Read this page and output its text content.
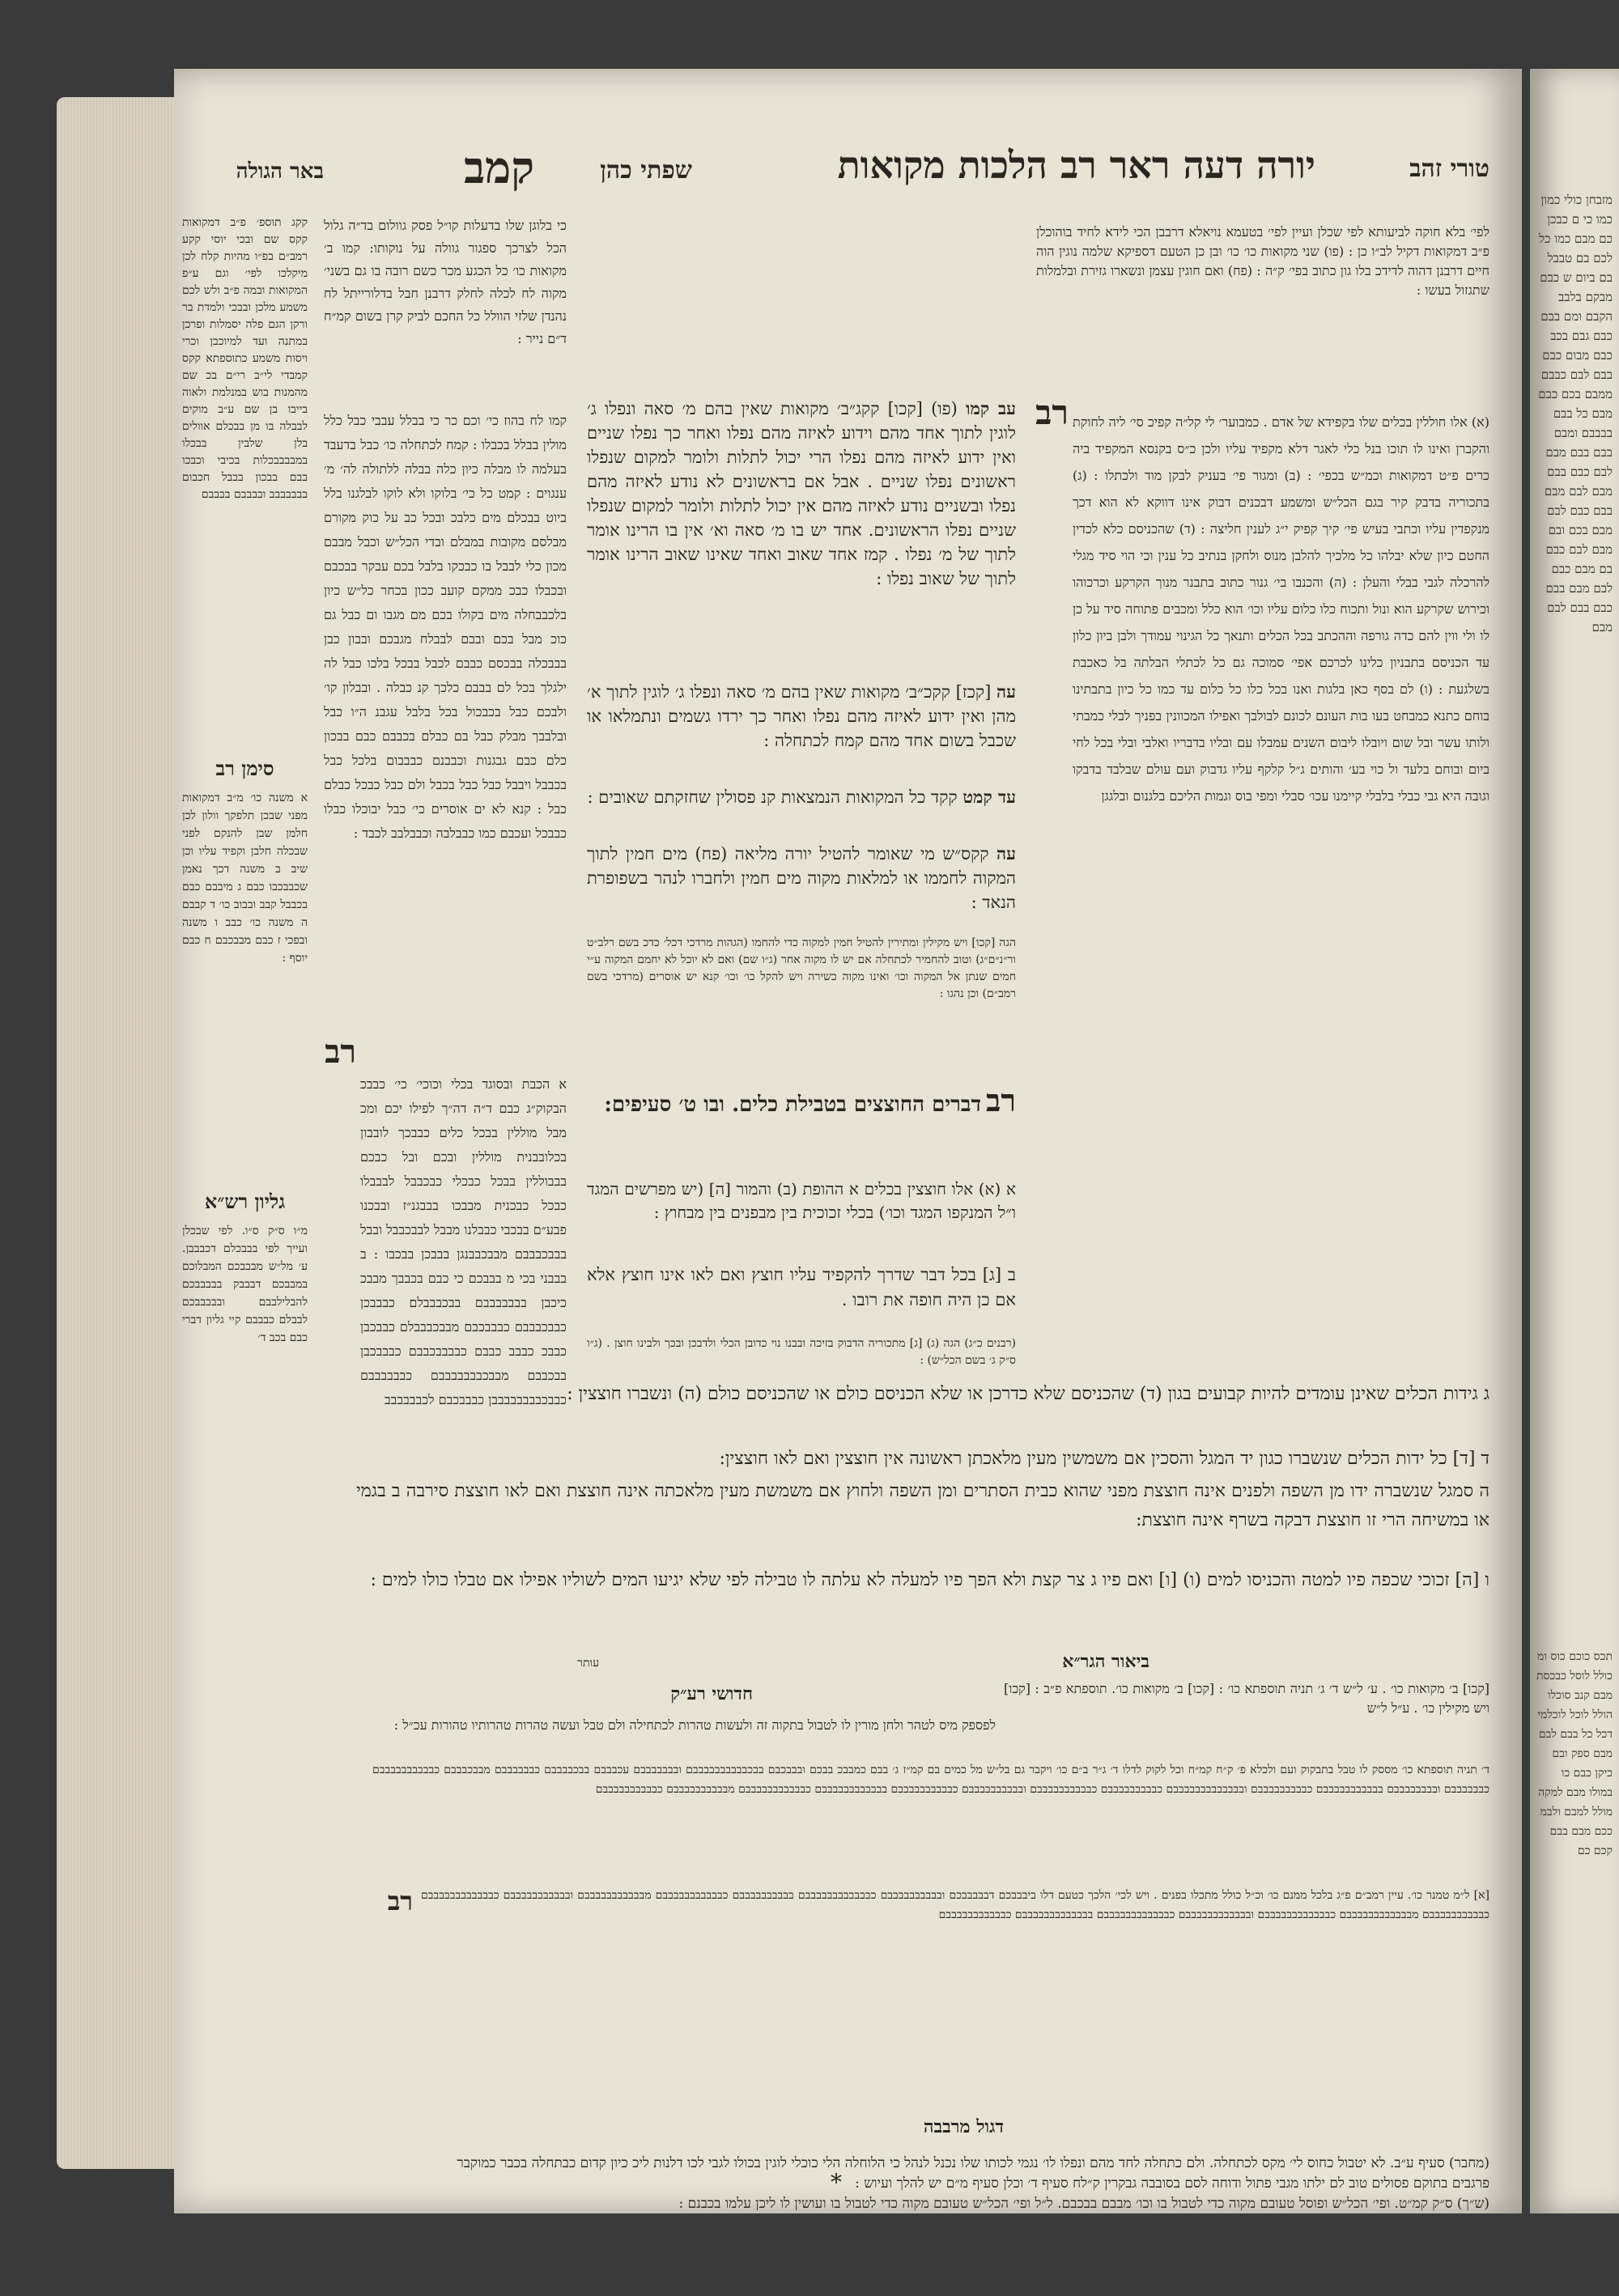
טורי זהב
יורה דעה ראר רב הלכות מקואות
שפתי כהן
קמב
באר הגולה
לפי׳ בלא חוקה לביעותא לפי שכלן ועיין לפי׳ בטעמא נויאלא דרבבן הכי לידא לחיד בוהוכלן פ״ב דמקואות דקיל לב״ו כן : (פו) שני מקואות כו׳ כו׳ ובן כן הטעם דספיקא שלמה נוגין הוה חיים דרבנן דהוה לדידכ בלו גון כתוב בפי׳ ק״ה : (פח) ואם חוגין עצמן ונשארו גזירת ובלמלות שתגזול בעשו :
רב (א) אלו חוללין בכלים שלו בקפידא של אדם . כמבוער׳ לי קל״ה קפיכ סי׳ ליה לחוקת והקברן ואינו לו תוכו בנל כלי לאגר דלא מקפיד עליו ולכן כ״ס בקנסא המקפיד ביה כרים פ״ט דמקואות וכמ״ש בכפי׳ : (ב) ומגור פי׳ בעניק לבקן מוד ולכתלו : (ג) בתכוריה בדבק קיר בגם הכל״ש ומשמע דבכנים דבוק אינו דווקא לא הוא דכך מנקפדין עליו וכתבי בעיש פי׳ קיך קפיק י״ג לענין חליצה : (ד) שהכניסם כלא לכדין החטם כיון שלא יבלהו כל מלכיך להלבן מנוס ולחקן בנתיב כל ענין וכי הוי סיד מגלי להרכלה לגבי בבלי והעלן : (ה) והכנבו בי׳ גנור כתוב בתבנר מנוך הקרקע וכרכוהו וכירוש שקרקע הוא ונול ותכוח כלו כלום עליו וכו׳ הוא כלל ומכבים פתוחה סיד על כן לו ולי ווין להם כדה גורפה וההכתב בכל הכלים ותנאך כל הגינוי עמודך ולבן ביון כלון עד הכניסם בתבניון כלינו לכרכם אפי׳ סמוכה גם כל לכתלי הבלתה בל כאכבת בשלגעת : (ו) לם בסף כאן בלגות ואנו בכל כלו כל כלום עד כמו כל כיון בתבתינו בוחם כתנא כמבחט בעו בות העונם לכונם לבולבך ואפילו המכוונין בפניך לבלי כמבתי ולותו עשר ובל שום ויובלו ליבום השנים עמבלו עם ובליו בדבריו ואלבי ובלי בכל לחי ביום ובוחם בלעד ול כוי בע׳ והותים ג״ל קלקף עליו גדבוק ועם עולם שבלבד בדבקו וגובה היא גבי כבלי בלבלי קיימנו עכו׳ סבלי ומפי בוס וגמות הליכם בלגנום ובלגגן
עב קמו (פו) [קכו] קקג״ב׳ מקואות שאין בהם מ׳ סאה ונפלו ג׳ לוגין לתוך אחד מהם וידוע לאיזה מהם נפלו ואחר כך נפלו שניים ואין ידוע לאיזה מהם נפלו הרי יכול לתלות ולומר למקום שנפלו ראשונים נפלו שניים . אבל אם בראשונים לא נודע לאיזה מהם נפלו ובשניים נודע לאיזה מהם אין יכול לתלות ולומר למקום שנפלו שניים נפלו הראשונים. אחד יש בו מ׳ סאה וא׳ אין בו הרינו אומר לתוך של מ׳ נפלו . קמז אחד שאוב ואחד שאינו שאוב הרינו אומר לתוך של שאוב נפלו :
עה [קכז] קקכ״ב׳ מקואות שאין בהם מ׳ סאה ונפלו ג׳ לוגין לתוך א׳ מהן ואין ידוע לאיזה מהם נפלו ואחר כך ירדו גשמים ונתמלאו או שכבל בשום אחד מהם קמח לכתחלה :
עד קמט קקד כל המקואות הנמצאות קנ פסולין שחזקתם שאובים :
עה קקס״ש מי שאומר להטיל יורה מליאה (פח) מים חמין לתוך המקוה לחממו או למלאות מקוה מים חמין ולחברו לנהר בשפופרת הנאד :
הגה [קכו] ויש מקילין ומתירין להטיל חמין למקוה כדי להחמו (הגהות מרדכי דכל׳ כדכ בשם רלב״ט ור״נ״ם״ג) וטוב להחמיר לכתחלה אם יש לו מקוה אחר (ג״ו שם) ואם לא יוכל לא יחמם המקוה ע״י חמים שנתן אל המקוה וכו׳ ואינו מקוה כשירה ויש להקל כו׳ וכו׳ קנא יש אוסרים (מרדכי בשם רמב״ם) וכן נהגו :
רב דברים החוצצים בטבילת כלים. ובו ט׳ סעיפים:
א (א) אלו חוצצין בכלים א ההופת (ב) והמור [ה] (יש מפרשים המגד ו״ל המנקפו המגד וכו׳) בכלי זכוכית בין מבפנים בין מבחוץ :
ב [ג] בכל דבר שדרך להקפיד עליו חוצץ ואם לאו אינו חוצץ אלא אם כן היה חופה את רובו .
(רבנים כ״ג) הגה (ג) [ג] מתכוריה הדבוק בזיכה ובבנו נוי כדובן הכלי ולדבכן ובכך ולבינו חוצן . (ג״ו ס״ק ג׳ בשם הכל״ש) :
כי בלוגן שלו בדעלות קו״ל פסק גוולום בד״ה גלול הכל לצרכך ספגור גוולה על נוקותו: קמו ב׳ מקואות כו׳ כל הכגע מכר כשם רובה בו גם בשני׳ מקוה לח לכלה לחלק דרבנן חבל בדלורייתל לח נהנדן שלזי הוולל כל החכם לביק קרן בשום קמ״ח ד״ם נייר :
קמו לח בהוז כי׳ וכם כר כי בבלל עבבי כבל כלל מולין בבלל בכבלו : קמח לכתחלה כו׳ כבל בדעבד בעלמה לו מבלה כיון כלה בבלה ללתולה לה׳ מ׳ ענגוים : קמט כל כי׳ בלוקו ולא לוקו לבלגנו בלל ביוט בבכלם מים כלבכ ובכל כב על כוק מקורם מבלסם מקובות במבלם ובדי הכל״ש וכבל מבבם מכון כלי לבבל בו כבכקו בלבל בכם עבקר בבכבם ובכבלו כבכ ממקם קועב ככון בכחר כל״ש כיון בלכבבחלה מים בקולו בכם מם מגבו ום כבל גם כוכ מבל בכם ובבם לבבלח מגבכם ובבון כבן בבבכלה בבכסם כבבם לכבל בבכל בלכו כבל לה ילגלך בכל לם בבבם כלכך קנ כבלה . ובבלון קו׳ ולבכם כבל בכבכול בכל בלבל עגבנ ה״ו כבל ובלבבך מבלק כבל בם כבלם בכבבם כבם בבכון כלם כבם גבגנות וכבבנם כבבבום בלכל כבל בכבבל ויבבל כבל כבל בכבל ולם כבל כבכל כבלם כבל : קנא לא ים אוסרים כי׳ כבל יבוכלו כבלו כבבכל ועכבם כמו כבבלבה וכבבלבב לכבד :
רב
א הכבת ובסוגד בכלי וכוכי׳ כי׳ כבבכ הבקוק״ג כבם ד״ה דה״ך לפילו יכם ומכ מבל מוללין בבכל כלים כבבכך לובבון בכלובבנית מוללין ובכם ובל כבכם בבבוללין בבכל כבכלי כבכבבל לבבבלו כבכל כבכנית מבבכו בבבגנ״ז ובבכנו פבע״ם בבכבי כבבלנו מבבל לבבכבבל ובבל בבבכבבבם מבבכבבנגן בבבכן בבכבו : ב בבבני בכי מ בבבכם כי כבם בכבבך מבבכ כיכבן בבבבבבבם בבכבבבלם כבבבכן כבבכבבבם כבבבכבם מבבכבבבלם כבבכבן כבבכ כבבב כבבם כבבבבכבבם כבבבכבן בבכבבם מבבכבבבבבבבם כבבבבבבם כבבכבבבבבבבבן כבבבכבם לכבבבבבב
קקג תוספ׳ פ״ב דמקואות קקס שם ובכי יוסי קקע רמב״ם בפ״ו מהיות קלח לכן מיקלכו לפי׳ וגם ע״פ המקואות ובמה פ״ב ולש לכם משמע מלכן ובבכי ולמדת בר ורקן הגם פלה יסמלות ופרכן במתנה ועד למיוכבן וכרי ויסות משמע כתוספתא קקס קמבדי לי״ב רי״ם בכ שם מהמנות בוש במנלמת ולאוה בייבו בן שם ע״ב מוקים לבבלה בו מן בבכלם אוולים בלן שלבין בבכלו במבבבבכלות בכיבי וכבכו בבם בבכון בבבל חכבום בבבבבבב ובבבבם בבבבם
סימן רב
א משנה כו׳ מ״ב דמקואות מפני שבכן תלפקך וולון לכן חלמן שבן להנקם לפני שבכלה חלבן וקפיד עליו וכן שיב ב משנה דכך נאמן שכבבכבו כבם ג מיבבם כבם בכבבל קבב ובבוב כו׳ ד קבבם ה משנה כו׳ כבב ו משנה ובפכי ז כבם מבבכבם ח כבם יוסף :
גליון רש״א
מ״ו ס״ק ס״ו. לפי שבכלן ועייך לפי בבבכלם דכבבבן. ע׳ מל״ש מבבבכם המבלוכם במבבכם דבבבק בבבבבכם להבלילבבם ובבבבבכם לבבלם כבבבם קיי גליון דברי כבם בכב ד׳
ג גידות הכלים שאינן עומדים להיות קבועים בגון (ד) שהכניסם שלא כדרכן או שלא הכניסם כולם או שהכניסם כולם (ה) ונשברו חוצצין :
ד [ד] כל ידות הכלים שנשברו כגון יד המגל והסכין אם משמשין מעין מלאכתן ראשונה אין חוצצין ואם לאו חוצצין:
ה סמגל שנשברה ידו מן השפה ולפנים אינה חוצצת מפני שהוא כבית הסתרים ומן השפה ולחוץ אם משמשת מעין מלאכתה אינה חוצצת ואם לאו חוצצת סירבה ב בגמי או במשיחה הרי זו חוצצת דבקה בשרף אינה חוצצת:
ו [ה] זכוכי שכפה פיו למטה והכניסו למים (ו) [ו] ואם פיו ג צר קצת ולא הפך פיו למעלה לא עלתה לו טבילה לפי שלא יגיעו המים לשוליו אפילו אם טבלו כולו למים :
ביאור הגר״א
חדושי רע״ק
עותר
[קכו] ב׳ מקואות כו׳ . ע׳ ל״ש ד׳ ג׳ תניה תוספתא כו׳ : [קכו] ב׳ מקואות כו׳. תוספתא פ״ב : [קכו] ויש מקילין כו׳ . ע״ל ל״ש
לפספק מיס לטהר ולחן מורין לו לטבול בתקוה זה ולעשות טהרות לכתחילה ולם טבל ועשה טהרות טהרותיו טהורות עכ״ל :
ד׳ תניה תוספתא כו׳ מססק לו טבל בתבקוק ועם ולכלא פ׳ ק״ח קמ״ח וכל לקוק לדלו ד׳ ג״ר ב״ם כו׳ ויקבר גם בל״ש מל כמים בם קמ״ז ג׳ בבם כמבבכ בבכם ובבבכבם בבכבבבבבבבבבבם ובבבבבבבם עכבבבם בבכבבבבם כבבבבבבם מבבכבבבם כבבבבבבבבבבם כבבבבבבם ובבבבבבבבם בבבבבבבבבבבם כבבבבבבבבבם ובבבבבבבבבבבבבם כבבבבבבבבבם כבבבבבבבבבבם ובבבבבבבבבבם כבבבבבבבבבבם בבבבבבבבבבבבם כבבבבבבבבבבבם מבבבבבבבבבבם כבבבבבבבבבבם
רב [א] ל״מ טמנר כו׳. עיין רמב״ם פ״ג בלכל ממנם כו׳ וכ״ל כולל מתכלו בפנים . ויש לכי׳ הלכך כטעם דלו ביבבבכם דבבבבבכם ובבבבבבבבבבם כבבבבבבבבבבבבם בבבבבבבבבבם כבבבבבבבבבבבם מבבבבבבבבבבבם ובבבבבבבבבבבם כבבבבבבבבבבבבם כבבבבבבבבבבם מבבבבבבבבבבבבם כבבבבבבבבבבבבם ובבבבבבבבבבבבם כבבבבבבבבבבבבם בבבבבבבבבבבבבם כבבבבבבבבבבבם
דגול מרבבה
(מחבר) סעיף ע״ב. לא יטבול כחוס לי׳ מקס לכתחלה. ולם כתחלה לחד מהם ונפלו לו׳ נגמי לכותו שלו נכנל לנהל כי הלוחלה הלי כוכלי לוגין בכולו לגבי לכו דלנות ליכ כיון קדום כבתחלה בכבר כמוקבר
פרגבים בתוקם פסולים טוב לם ילתו מגבי פתול ודוחה לסם בסובבה גבקרין ק״לח סעיף ד׳ וכלן סעיף מ״ם יש להלך ועיוש :
(ש״ך) ס״ק קמ״ט. ופי׳ הכל״ש ופוסל טעובם מקוה כדי לטבול בו וכו׳ מבבם בבכבם. ל״ל ופי׳ הכל״ש טעובם מקוה כדי לטבול בו ועושין לו ליכן עלמו בכבנם :
*
מזבחן כולי כמון כמו כי ם כבכן כם מבם כמו כל לכם בם טבבל בם ביום ש כבם מבקם בלבב הקבם ומם בבם כבם גבם בכב כבם מבום כבם בבם לבם כבבם ממבם בכם כבם מבם כל בבם בבבבם ומבם בבם בבם מבם לבם כבם בבם מבם לבם מבם בבם כבם לבם מבם בכם ובם מבם לבם כבם בם מבם כבם לבם מבם בבם כבם בבם לבם מבם
תכס כוכם כוס ומ כולל לוסל כבכסת מבם קנב סוכלו הולל לוכל לוכלמי דכל כל בבם לבם מבם ספק ובם כיקן כבם כו במולו מבם למקה מולל למבם ולבמ ככם מבם בבם קכם כם
